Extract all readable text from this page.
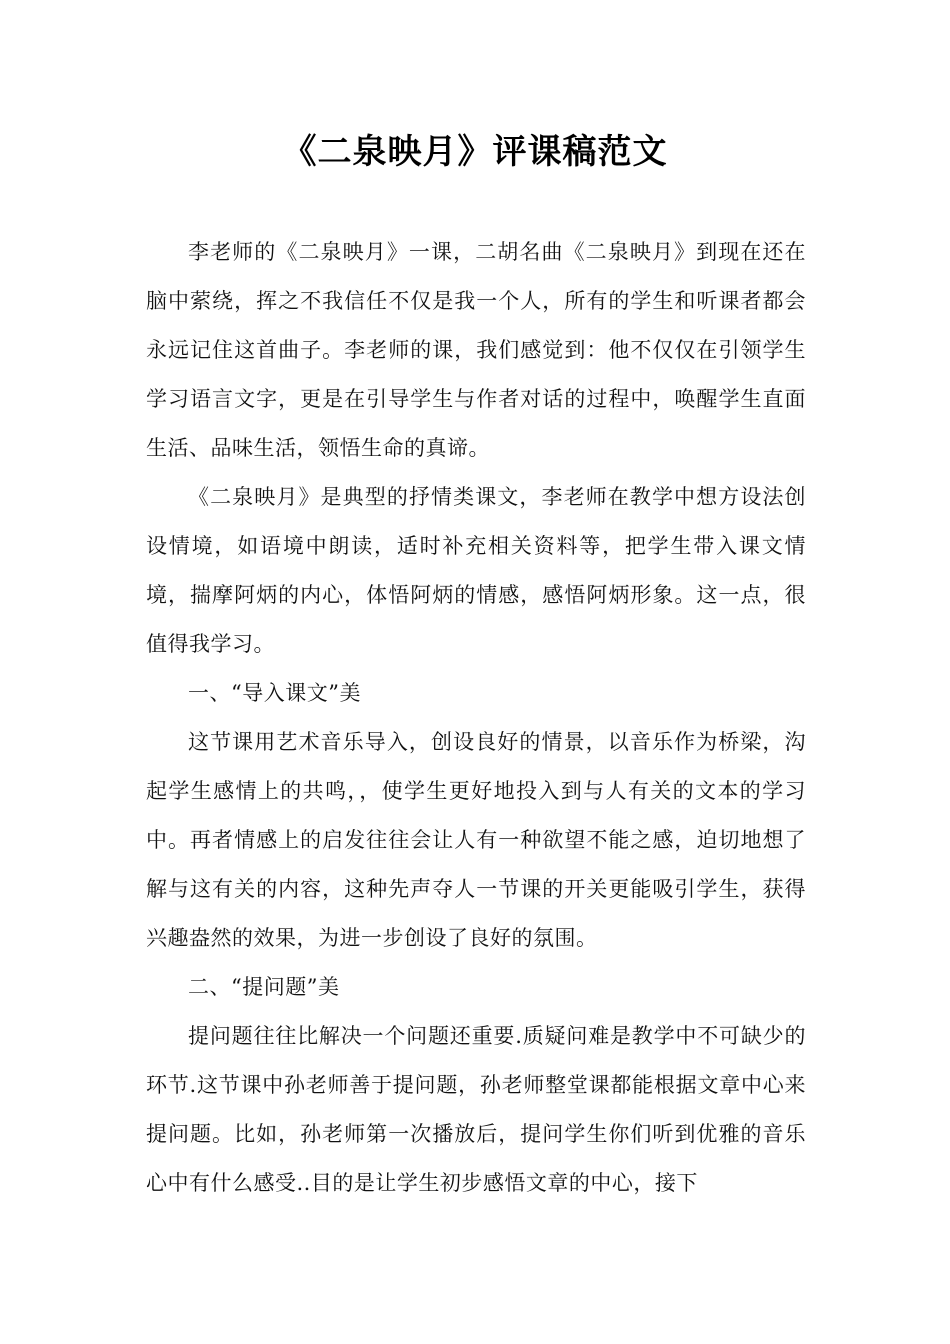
《二泉映月》评课稿范文

李老师的《二泉映月》一课，二胡名曲《二泉映月》到现在还在脑中萦绕，挥之不我信任不仅是我一个人，所有的学生和听课者都会永远记住这首曲子。李老师的课，我们感觉到：他不仅仅在引领学生学习语言文字，更是在引导学生与作者对话的过程中，唤醒学生直面生活、品味生活，领悟生命的真谛。

《二泉映月》是典型的抒情类课文，李老师在教学中想方设法创设情境，如语境中朗读，适时补充相关资料等，把学生带入课文情境，揣摩阿炳的内心，体悟阿炳的情感，感悟阿炳形象。这一点，很值得我学习。

一、“导入课文”美

这节课用艺术音乐导入，创设良好的情景，以音乐作为桥梁，沟起学生感情上的共鸣，，使学生更好地投入到与人有关的文本的学习中。再者情感上的启发往往会让人有一种欲望不能之感，迫切地想了解与这有关的内容，这种先声夺人一节课的开关更能吸引学生，获得兴趣盎然的效果，为进一步创设了良好的氛围。

二、“提问题”美

提问题往往比解决一个问题还重要.质疑问难是教学中不可缺少的环节.这节课中孙老师善于提问题，孙老师整堂课都能根据文章中心来提问题。比如，孙老师第一次播放后，提问学生你们听到优雅的音乐心中有什么感受..目的是让学生初步感悟文章的中心，接下
